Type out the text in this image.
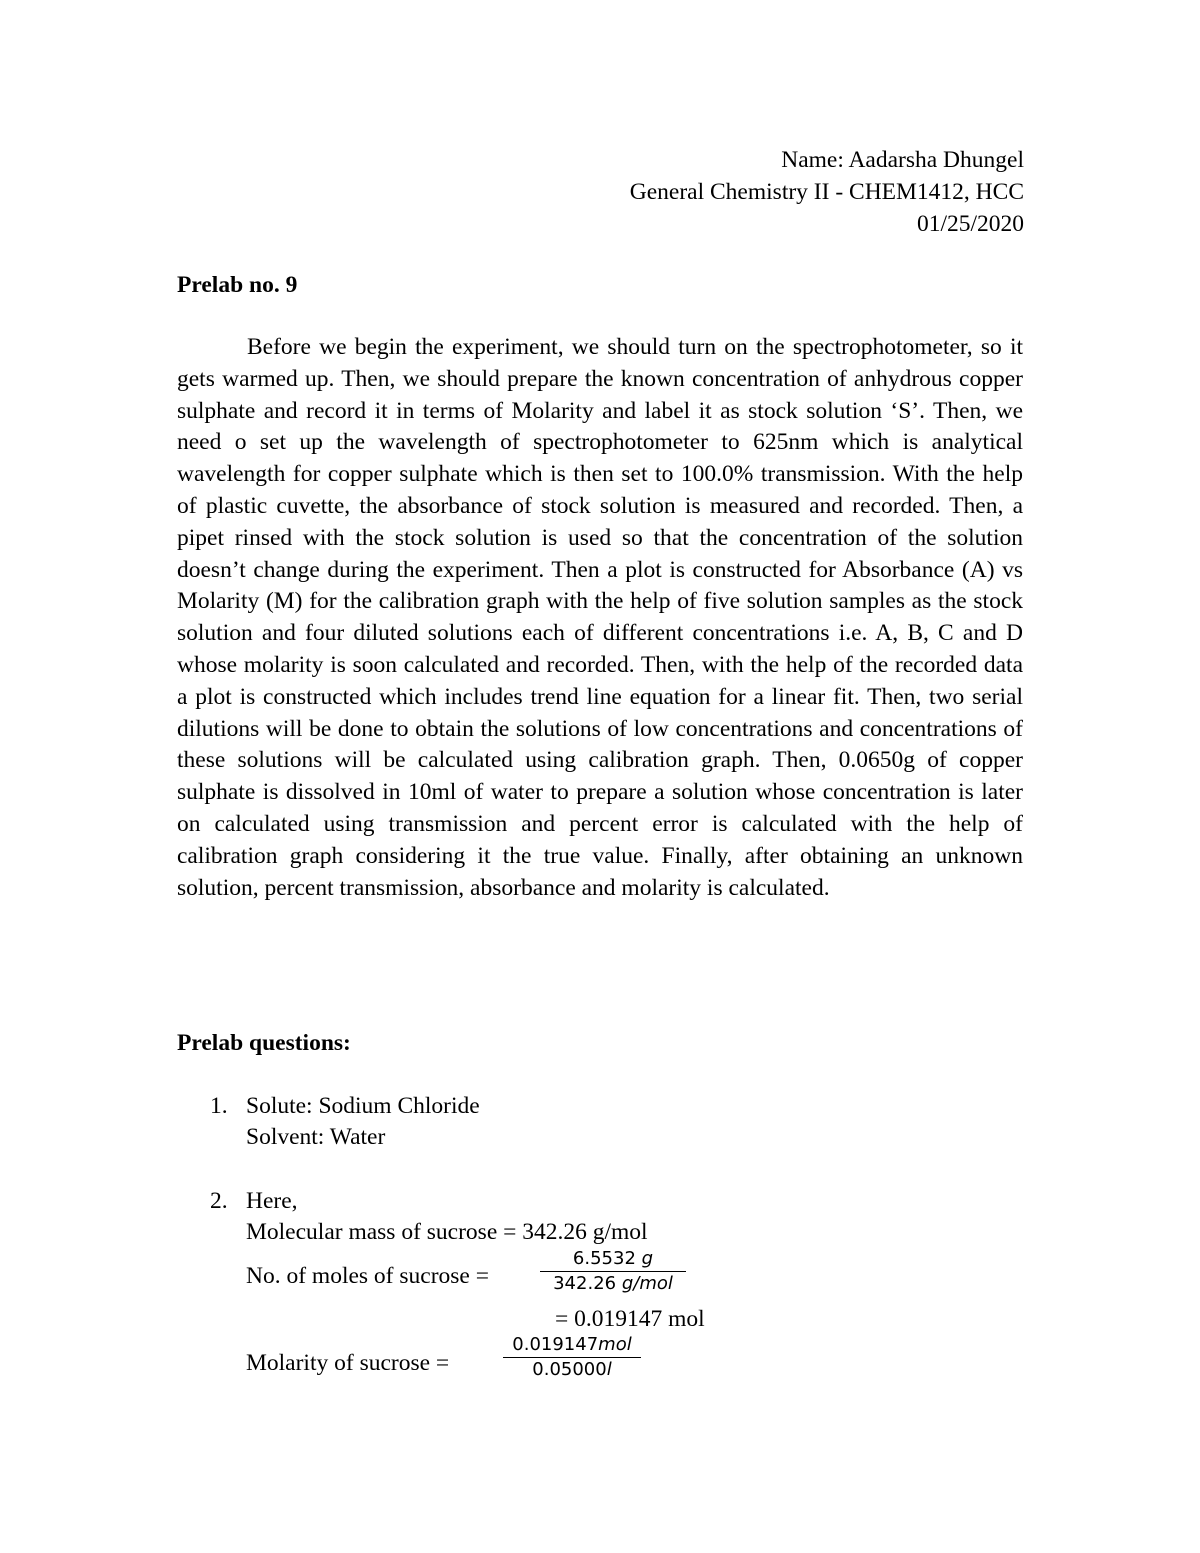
Name: Aadarsha Dhungel
General Chemistry II - CHEM1412, HCC
01/25/2020
Prelab no. 9
Before we begin the experiment, we should turn on the spectrophotometer, so it gets warmed up. Then, we should prepare the known concentration of anhydrous copper sulphate and record it in terms of Molarity and label it as stock solution ‘S’. Then, we need o set up the wavelength of spectrophotometer to 625nm which is analytical wavelength for copper sulphate which is then set to 100.0% transmission. With the help of plastic cuvette, the absorbance of stock solution is measured and recorded. Then, a pipet rinsed with the stock solution is used so that the concentration of the solution doesn’t change during the experiment. Then a plot is constructed for Absorbance (A) vs Molarity (M) for the calibration graph with the help of five solution samples as the stock solution and four diluted solutions each of different concentrations i.e. A, B, C and D whose molarity is soon calculated and recorded. Then, with the help of the recorded data a plot is constructed which includes trend line equation for a linear fit. Then, two serial dilutions will be done to obtain the solutions of low concentrations and concentrations of these solutions will be calculated using calibration graph. Then, 0.0650g of copper sulphate is dissolved in 10ml of water to prepare a solution whose concentration is later on calculated using transmission and percent error is calculated with the help of calibration graph considering it the true value. Finally, after obtaining an unknown solution, percent transmission, absorbance and molarity is calculated.
Prelab questions:
1. Solute: Sodium Chloride
Solvent: Water
2. Here,
Molecular mass of sucrose = 342.26 g/mol
No. of moles of sucrose =
6.5532 g
342.26 g/mol
= 0.019147 mol
Molarity of sucrose =
0.019147mol
0.05000l
